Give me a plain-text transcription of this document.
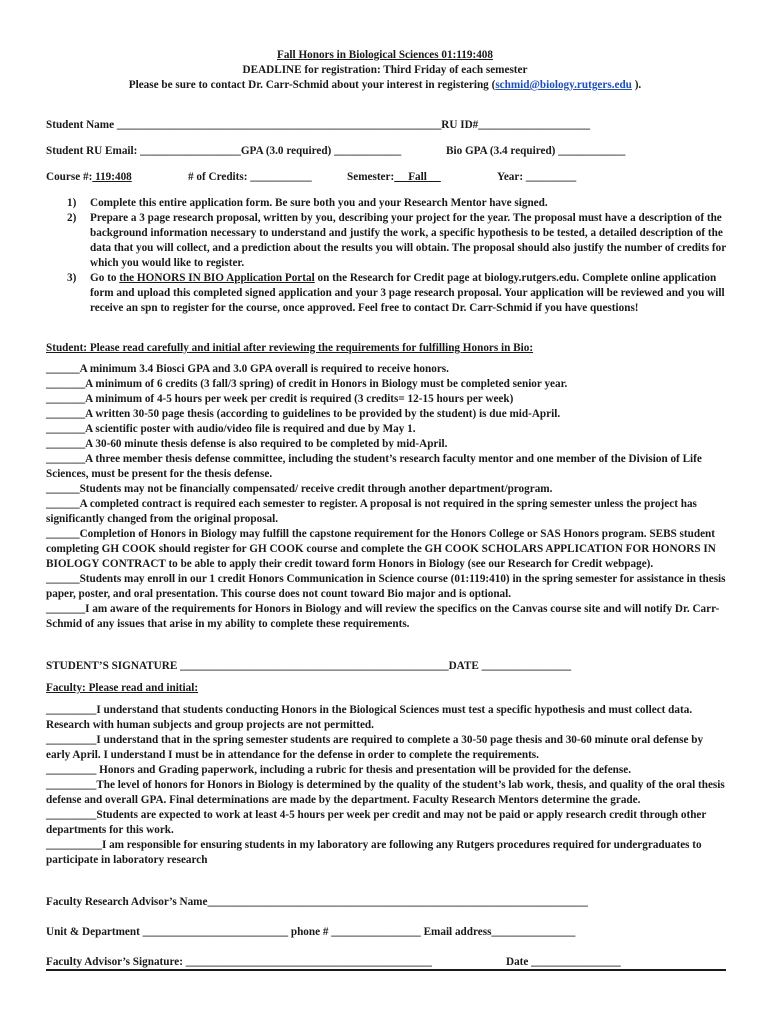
Fall Honors in Biological Sciences 01:119:408
DEADLINE for registration: Third Friday of each semester
Please be sure to contact Dr. Carr-Schmid about your interest in registering (schmid@biology.rutgers.edu ).
Student Name __________________________________________________________RU ID#____________________
Student RU Email: __________________GPA (3.0 required) ____________	Bio GPA (3.4 required) ____________
Course #: 119:408	# of Credits: ___________	Semester:     Fall	Year: _________
1) Complete this entire application form. Be sure both you and your Research Mentor have signed.
2) Prepare a 3 page research proposal, written by you, describing your project for the year. The proposal must have a description of the background information necessary to understand and justify the work, a specific hypothesis to be tested, a detailed description of the data that you will collect, and a prediction about the results you will obtain. The proposal should also justify the number of credits for which you would like to register.
3) Go to the HONORS IN BIO Application Portal on the Research for Credit page at biology.rutgers.edu. Complete online application form and upload this completed signed application and your 3 page research proposal. Your application will be reviewed and you will receive an spn to register for the course, once approved. Feel free to contact Dr. Carr-Schmid if you have questions!
Student: Please read carefully and initial after reviewing the requirements for fulfilling Honors in Bio:

______A minimum 3.4 Biosci GPA and 3.0 GPA overall is required to receive honors.

_______A minimum of 6 credits (3 fall/3 spring) of credit in Honors in Biology must be completed senior year.

_______A minimum of 4-5 hours per week per credit is required (3 credits= 12-15 hours per week)

_______A written 30-50 page thesis (according to guidelines to be provided by the student) is due mid-April.

_______A scientific poster with audio/video file is required and due by May 1.

_______A 30-60 minute thesis defense is also required to be completed by mid-April.

_______A three member thesis defense committee, including the student’s research faculty mentor and one member of the Division of Life Sciences, must be present for the thesis defense.

______Students may not be financially compensated/ receive credit through another department/program.

______A completed contract is required each semester to register. A proposal is not required in the spring semester unless the project has significantly changed from the original proposal.

______Completion of Honors in Biology may fulfill the capstone requirement for the Honors College or SAS Honors program. SEBS student completing GH COOK should register for GH COOK course and complete the GH COOK SCHOLARS APPLICATION FOR HONORS IN BIOLOGY CONTRACT to be able to apply their credit toward form Honors in Biology (see our Research for Credit webpage).

______Students may enroll in our 1 credit Honors Communication in Science course (01:119:410) in the spring semester for assistance in thesis paper, poster, and oral presentation. This course does not count toward Bio major and is optional.

_______I am aware of the requirements for Honors in Biology and will review the specifics on the Canvas course site and will notify Dr. Carr-Schmid of any issues that arise in my ability to complete these requirements.

STUDENT’S SIGNATURE ________________________________________________DATE ________________
Faculty: Please read and initial:

_________I understand that students conducting Honors in the Biological Sciences must test a specific hypothesis and must collect data. Research with human subjects and group projects are not permitted.

_________I understand that in the spring semester students are required to complete a 30-50 page thesis and 30-60 minute oral defense by early April. I understand I must be in attendance for the defense in order to complete the requirements.

_________ Honors and Grading paperwork, including a rubric for thesis and presentation will be provided for the defense.

_________The level of honors for Honors in Biology is determined by the quality of the student’s lab work, thesis, and quality of the oral thesis defense and overall GPA. Final determinations are made by the department. Faculty Research Mentors determine the grade.

_________Students are expected to work at least 4-5 hours per week per credit and may not be paid or apply research credit through other departments for this work.

__________I am responsible for ensuring students in my laboratory are following any Rutgers procedures required for undergraduates to participate in laboratory research

Faculty Research Advisor’s Name____________________________________________________________________
Unit & Department __________________________ phone # ________________ Email address_______________
Faculty Advisor’s Signature: ____________________________________________	Date ________________
